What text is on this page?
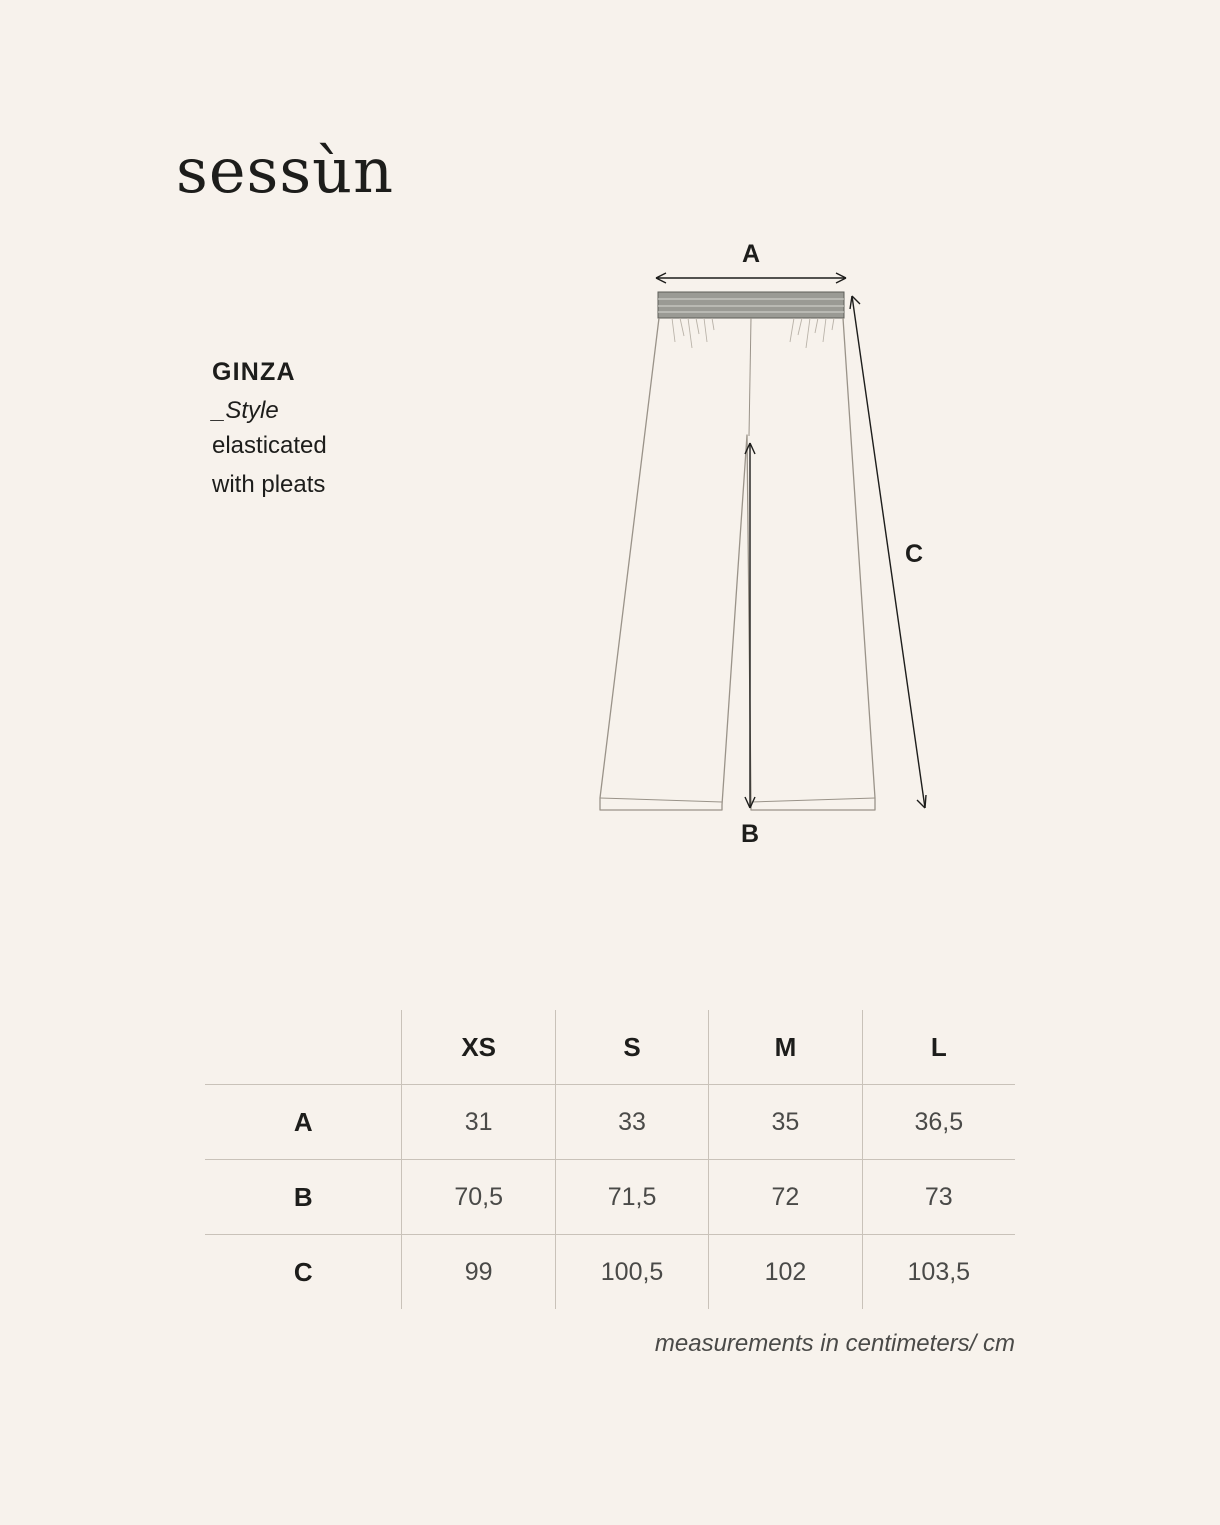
sessùn
GINZA
_Style
elasticated
with pleats
A
B
C
	XS	S	M	L
A	31	33	35	36,5
B	70,5	71,5	72	73
C	99	100,5	102	103,5
measurements in centimeters/ cm
